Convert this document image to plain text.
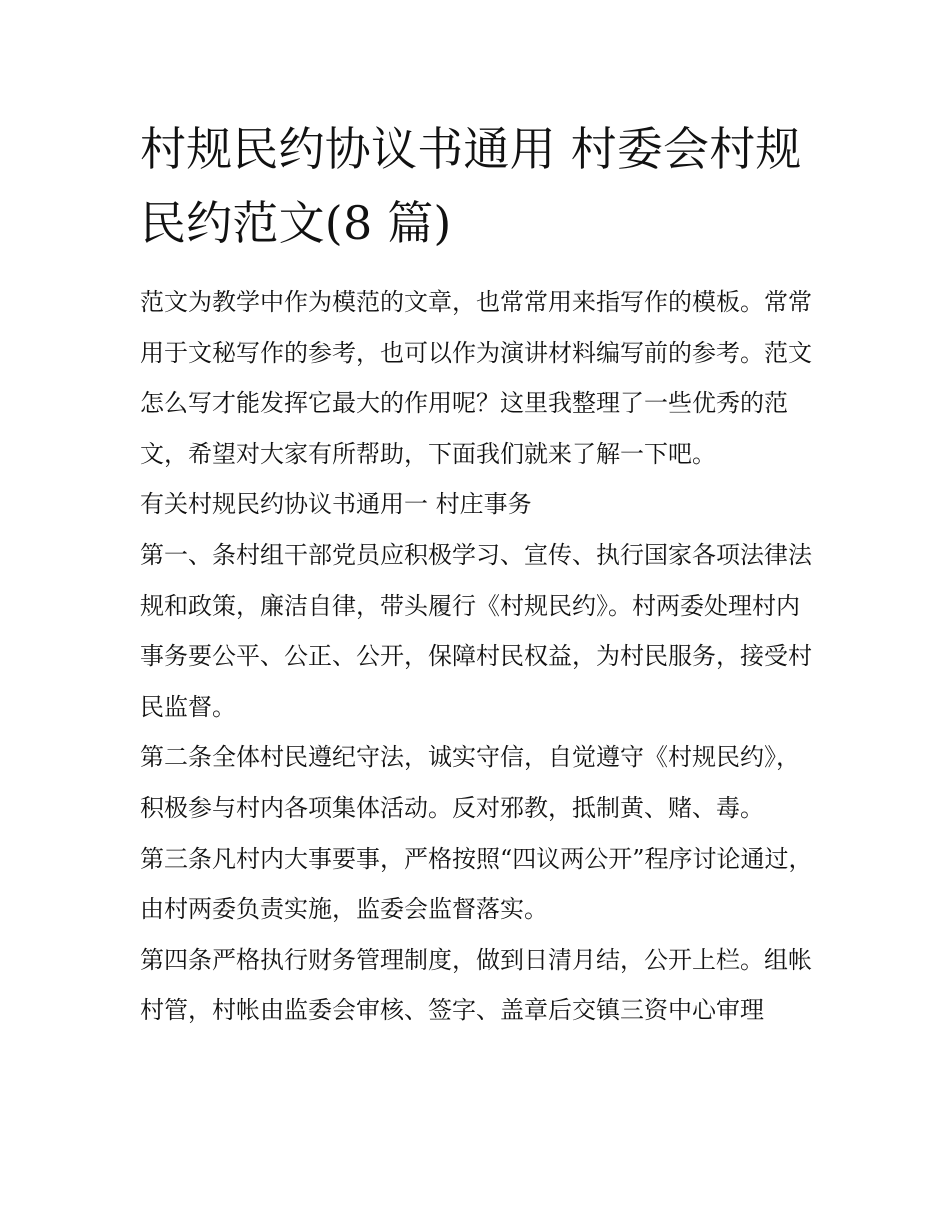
村规民约协议书通用 村委会村规民约范文(8 篇)

范文为教学中作为模范的文章，也常常用来指写作的模板。常常用于文秘写作的参考，也可以作为演讲材料编写前的参考。范文怎么写才能发挥它最大的作用呢？这里我整理了一些优秀的范文，希望对大家有所帮助，下面我们就来了解一下吧。

有关村规民约协议书通用一 村庄事务

第一、条村组干部党员应积极学习、宣传、执行国家各项法律法规和政策，廉洁自律，带头履行《村规民约》。村两委处理村内事务要公平、公正、公开，保障村民权益，为村民服务，接受村民监督。

第二条全体村民遵纪守法，诚实守信，自觉遵守《村规民约》，积极参与村内各项集体活动。反对邪教，抵制黄、赌、毒。

第三条凡村内大事要事，严格按照“四议两公开”程序讨论通过，由村两委负责实施，监委会监督落实。

第四条严格执行财务管理制度，做到日清月结，公开上栏。组帐村管，村帐由监委会审核、签字、盖章后交镇三资中心审理
